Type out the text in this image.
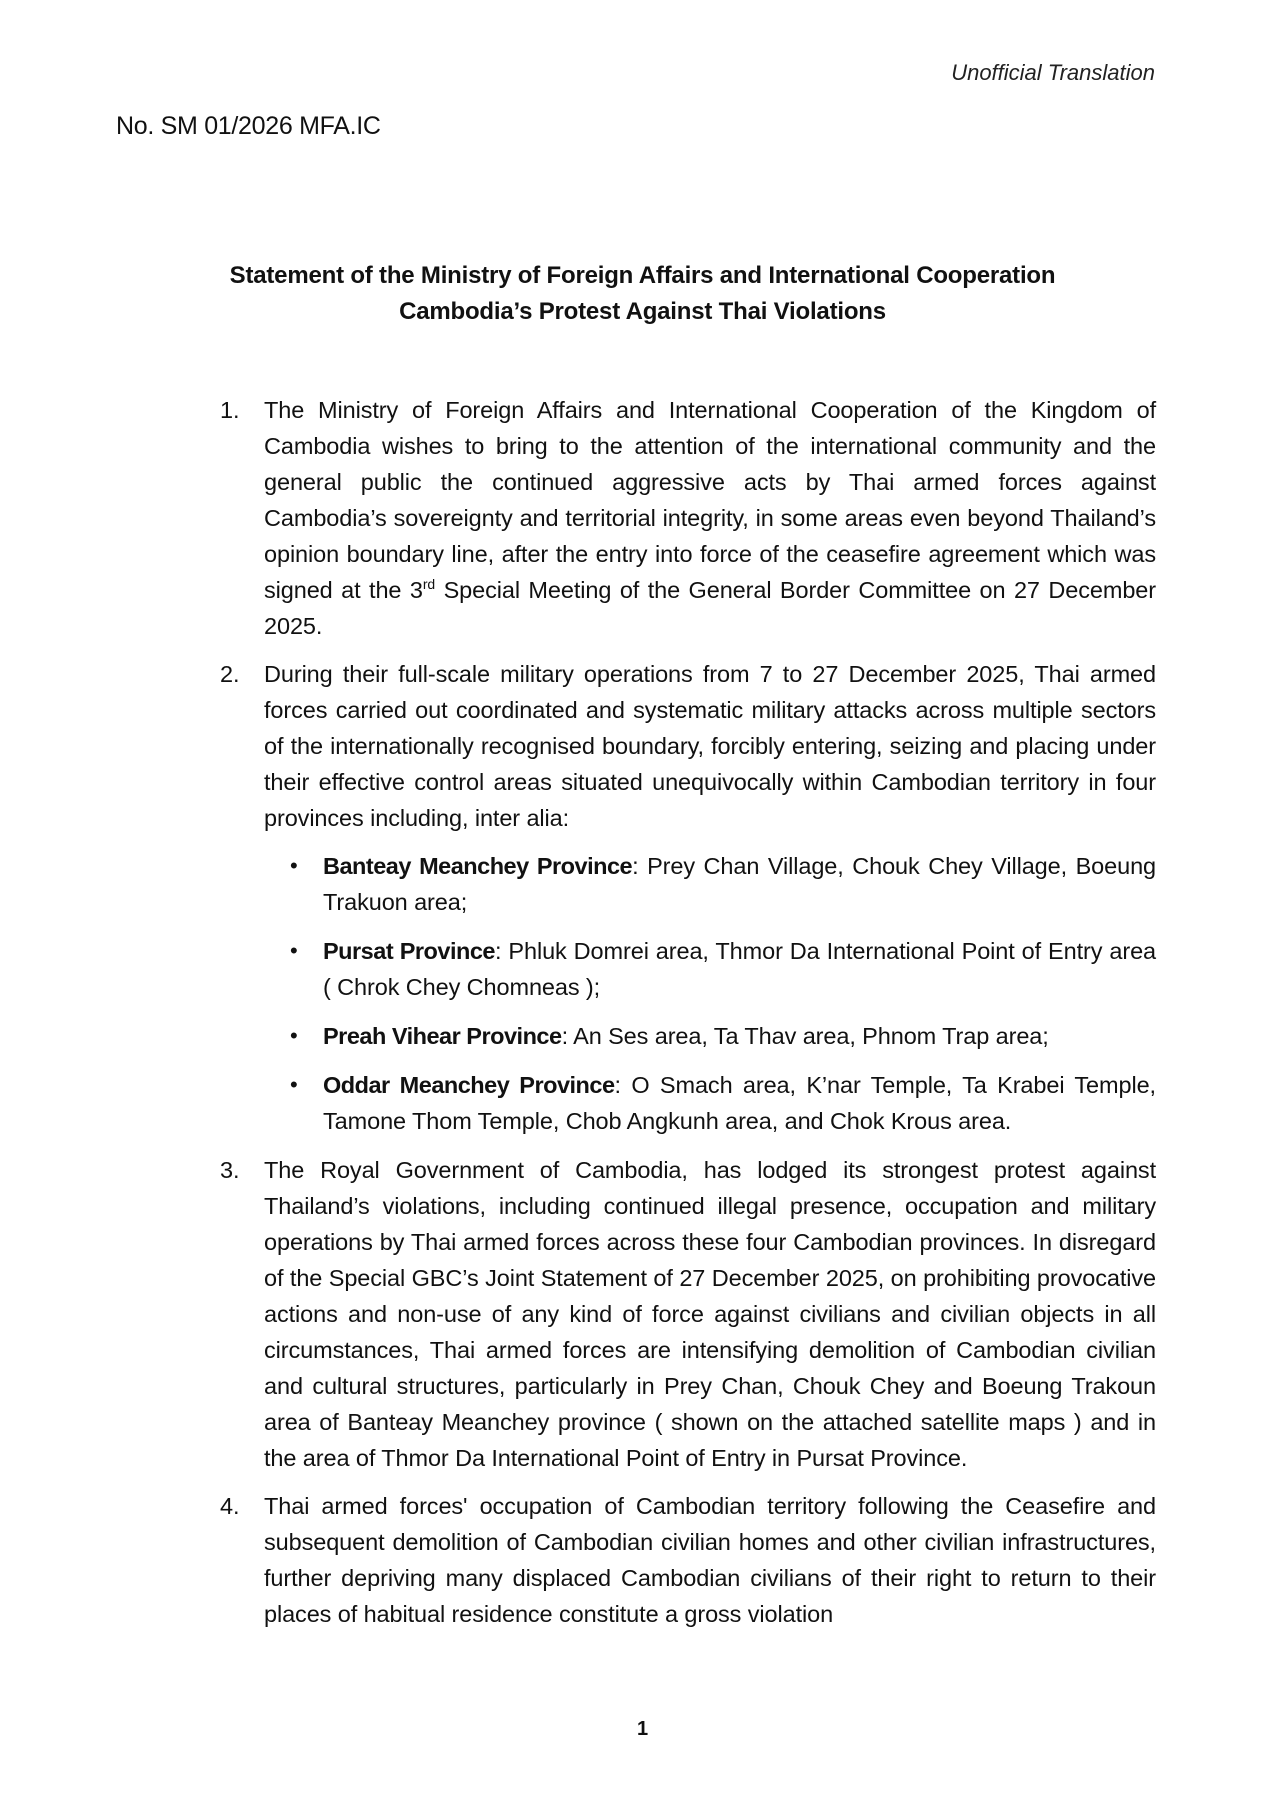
Unofficial Translation
No. SM 01/2026 MFA.IC
Statement of the Ministry of Foreign Affairs and International Cooperation
Cambodia’s Protest Against Thai Violations
1.	The Ministry of Foreign Affairs and International Cooperation of the Kingdom of Cambodia wishes to bring to the attention of the international community and the general public the continued aggressive acts by Thai armed forces against Cambodia’s sovereignty and territorial integrity, in some areas even beyond Thailand’s opinion boundary line, after the entry into force of the ceasefire agreement which was signed at the 3rd Special Meeting of the General Border Committee on 27 December 2025.
2.	During their full-scale military operations from 7 to 27 December 2025, Thai armed forces carried out coordinated and systematic military attacks across multiple sectors of the internationally recognised boundary, forcibly entering, seizing and placing under their effective control areas situated unequivocally within Cambodian territory in four provinces including, inter alia:
• Banteay Meanchey Province: Prey Chan Village, Chouk Chey Village, Boeung Trakuon area;
• Pursat Province: Phluk Domrei area, Thmor Da International Point of Entry area ( Chrok Chey Chomneas );
• Preah Vihear Province: An Ses area, Ta Thav area, Phnom Trap area;
• Oddar Meanchey Province: O Smach area, K’nar Temple, Ta Krabei Temple, Tamone Thom Temple, Chob Angkunh area, and Chok Krous area.
3.	The Royal Government of Cambodia, has lodged its strongest protest against Thailand’s violations, including continued illegal presence, occupation and military operations by Thai armed forces across these four Cambodian provinces. In disregard of the Special GBC’s Joint Statement of 27 December 2025, on prohibiting provocative actions and non-use of any kind of force against civilians and civilian objects in all circumstances, Thai armed forces are intensifying demolition of Cambodian civilian and cultural structures, particularly in Prey Chan, Chouk Chey and Boeung Trakoun area of Banteay Meanchey province ( shown on the attached satellite maps ) and in the area of Thmor Da International Point of Entry in Pursat Province.
4.	Thai armed forces' occupation of Cambodian territory following the Ceasefire and subsequent demolition of Cambodian civilian homes and other civilian infrastructures, further depriving many displaced Cambodian civilians of their right to return to their places of habitual residence constitute a gross violation
1
